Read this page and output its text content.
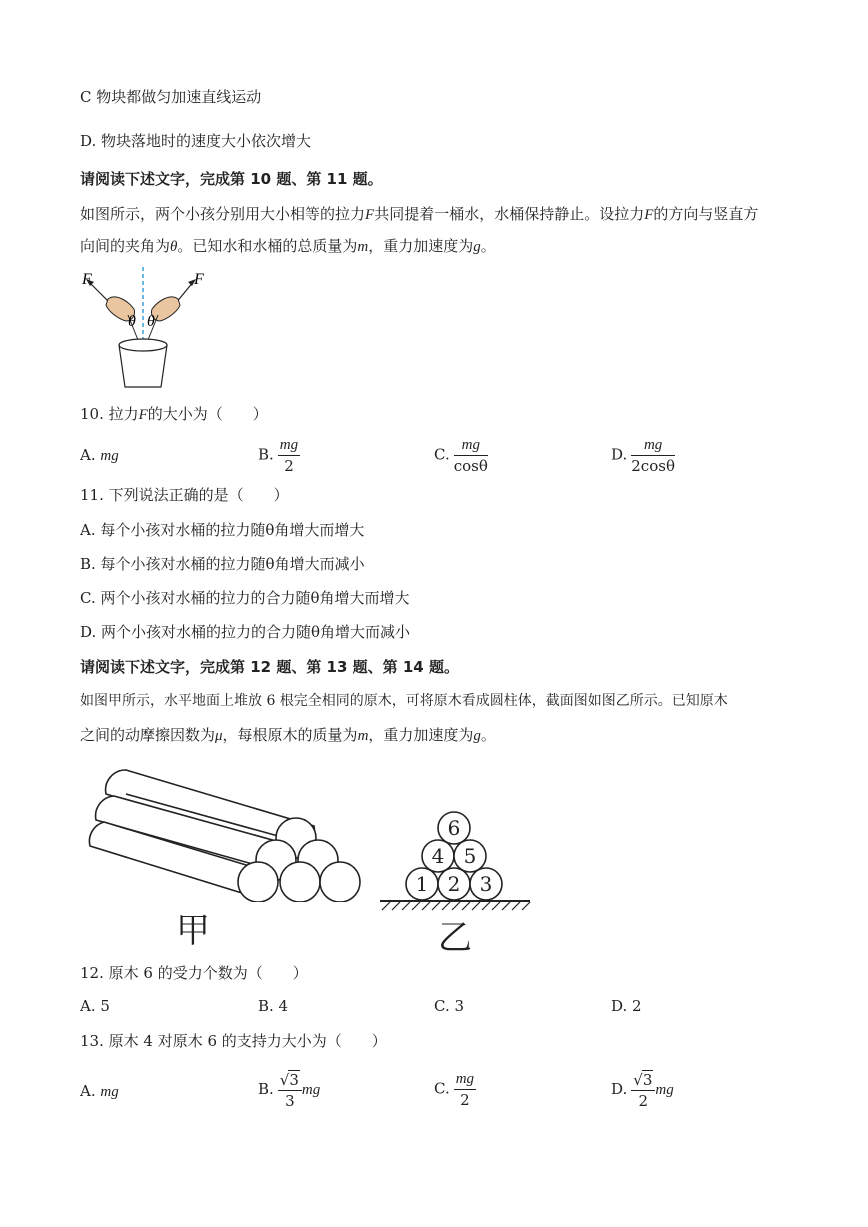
C 物块都做匀加速直线运动
D. 物块落地时的速度大小依次增大
请阅读下述文字，完成第 10 题、第 11 题。
如图所示，两个小孩分别用大小相等的拉力F共同提着一桶水，水桶保持静止。设拉力F的方向与竖直方
向间的夹角为θ。已知水和水桶的总质量为m，重力加速度为g。
F	F
θ θ
10. 拉力F的大小为（　　）
A. mg	B. $\frac{mg}{2}$	C. $\frac{mg}{\cos\theta}$	D. $\frac{mg}{2\cos\theta}$
11. 下列说法正确的是（　　）
A. 每个小孩对水桶的拉力随θ角增大而增大
B. 每个小孩对水桶的拉力随θ角增大而减小
C. 两个小孩对水桶的拉力的合力随θ角增大而增大
D. 两个小孩对水桶的拉力的合力随θ角增大而减小
请阅读下述文字，完成第 12 题、第 13 题、第 14 题。
如图甲所示，水平地面上堆放 6 根完全相同的原木，可将原木看成圆柱体，截面图如图乙所示。已知原木
之间的动摩擦因数为μ，每根原木的质量为m，重力加速度为g。
甲
1 2 3
4 5
6
乙
12. 原木 6 的受力个数为（　　）
A. 5	B. 4	C. 3	D. 2
13. 原木 4 对原木 6 的支持力大小为（　　）
A. mg	B. $\frac{√3}{3}$ mg	C. $\frac{mg}{2}$	D. $\frac{√3}{2}$ mg
